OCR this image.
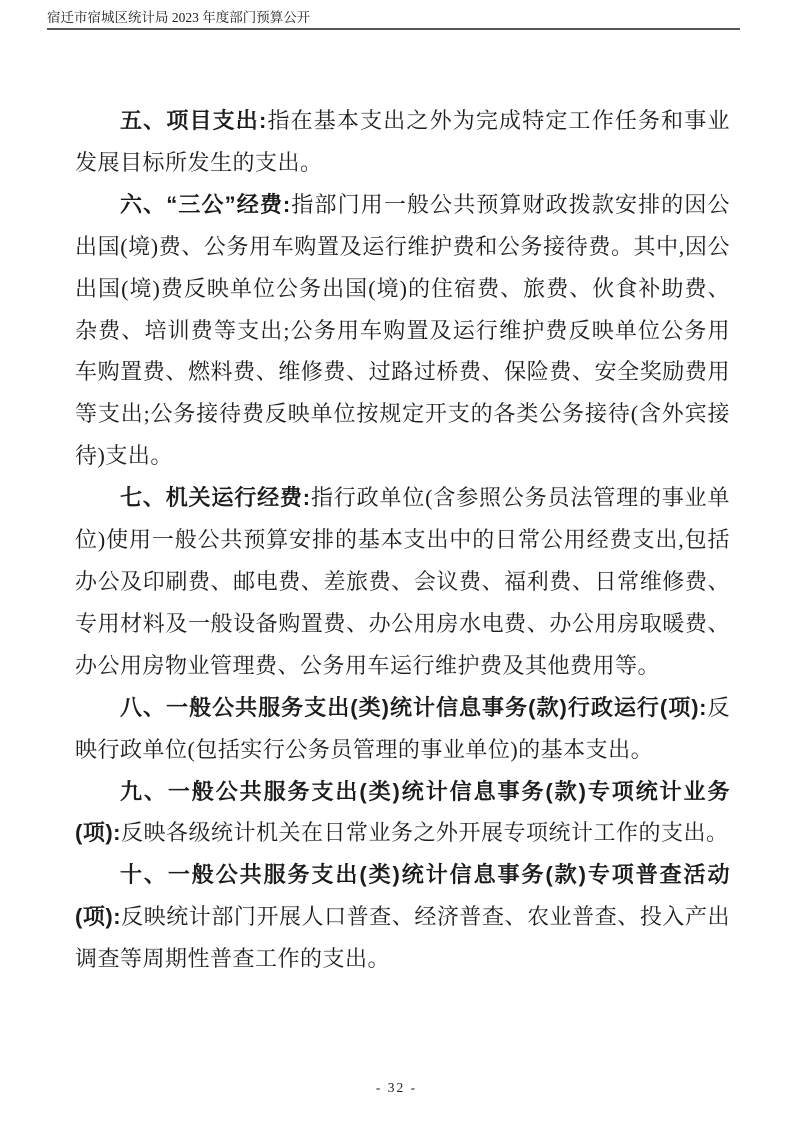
宿迁市宿城区统计局 2023 年度部门预算公开

五、项目支出:指在基本支出之外为完成特定工作任务和事业发展目标所发生的支出。

六、“三公”经费:指部门用一般公共预算财政拨款安排的因公出国(境)费、公务用车购置及运行维护费和公务接待费。其中,因公出国(境)费反映单位公务出国(境)的住宿费、旅费、伙食补助费、杂费、培训费等支出;公务用车购置及运行维护费反映单位公务用车购置费、燃料费、维修费、过路过桥费、保险费、安全奖励费用等支出;公务接待费反映单位按规定开支的各类公务接待(含外宾接待)支出。

七、机关运行经费:指行政单位(含参照公务员法管理的事业单位)使用一般公共预算安排的基本支出中的日常公用经费支出,包括办公及印刷费、邮电费、差旅费、会议费、福利费、日常维修费、专用材料及一般设备购置费、办公用房水电费、办公用房取暖费、办公用房物业管理费、公务用车运行维护费及其他费用等。

八、一般公共服务支出(类)统计信息事务(款)行政运行(项):反映行政单位(包括实行公务员管理的事业单位)的基本支出。

九、一般公共服务支出(类)统计信息事务(款)专项统计业务(项):反映各级统计机关在日常业务之外开展专项统计工作的支出。

十、一般公共服务支出(类)统计信息事务(款)专项普查活动(项):反映统计部门开展人口普查、经济普查、农业普查、投入产出调查等周期性普查工作的支出。

- 32 -
